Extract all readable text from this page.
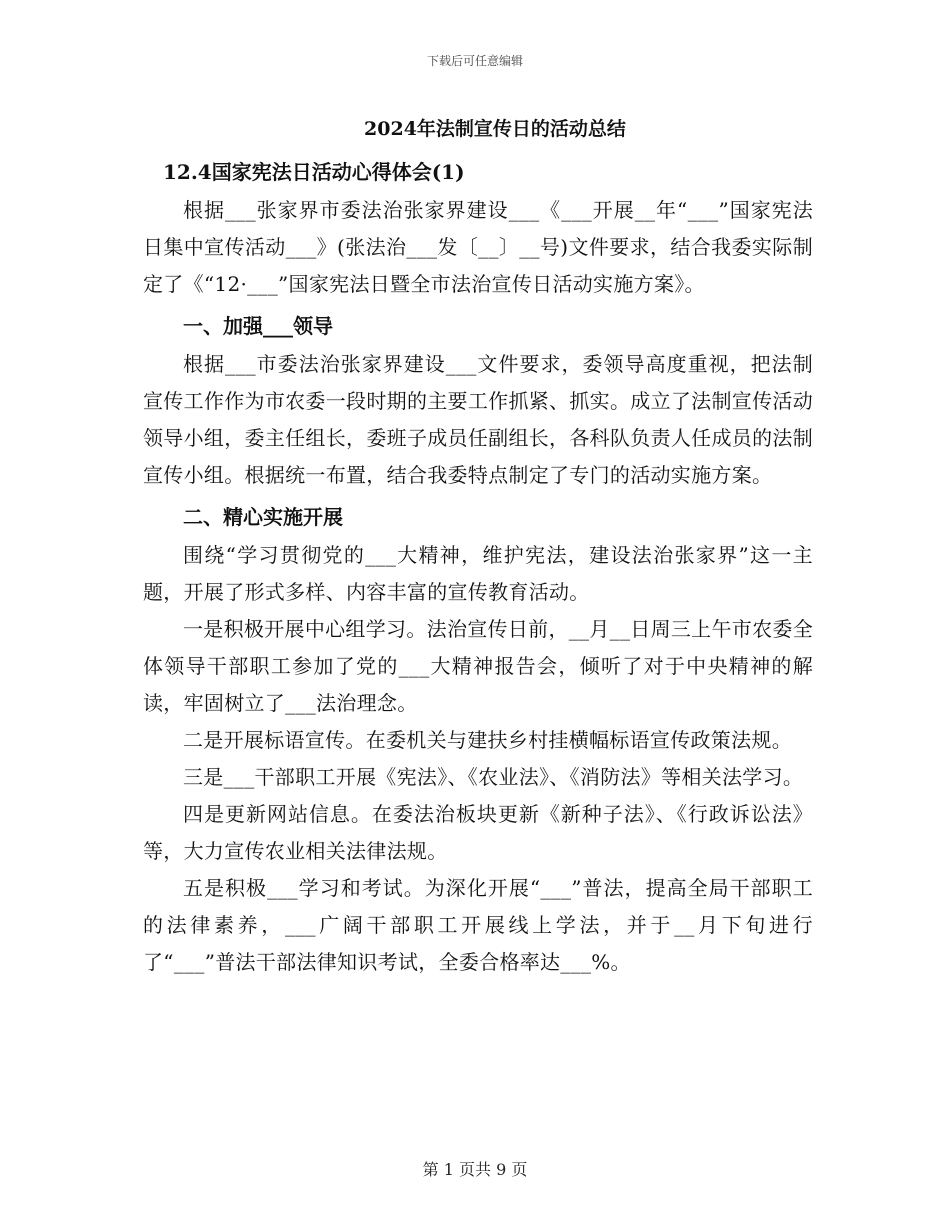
下载后可任意编辑
2024年法制宣传日的活动总结
12.4国家宪法日活动心得体会(1)

根据___张家界市委法治张家界建设___《___开展__年“___”国家宪法日集中宣传活动___》(张法治___发〔__〕__号)文件要求，结合我委实际制定了《“12·___”国家宪法日暨全市法治宣传日活动实施方案》。

一、加强___领导

根据___市委法治张家界建设___文件要求，委领导高度重视，把法制宣传工作作为市农委一段时期的主要工作抓紧、抓实。成立了法制宣传活动领导小组，委主任组长，委班子成员任副组长，各科队负责人任成员的法制宣传小组。根据统一布置，结合我委特点制定了专门的活动实施方案。

二、精心实施开展

围绕“学习贯彻党的___大精神，维护宪法，建设法治张家界”这一主题，开展了形式多样、内容丰富的宣传教育活动。

一是积极开展中心组学习。法治宣传日前，__月__日周三上午市农委全体领导干部职工参加了党的___大精神报告会，倾听了对于中央精神的解读，牢固树立了___法治理念。

二是开展标语宣传。在委机关与建扶乡村挂横幅标语宣传政策法规。

三是___干部职工开展《宪法》、《农业法》、《消防法》等相关法学习。

四是更新网站信息。在委法治板块更新《新种子法》、《行政诉讼法》等，大力宣传农业相关法律法规。

五是积极___学习和考试。为深化开展“___”普法，提高全局干部职工的法律素养，___广阔干部职工开展线上学法，并于__月下旬进行了“___”普法干部法律知识考试，全委合格率达___%。

第 1 页共 9 页
